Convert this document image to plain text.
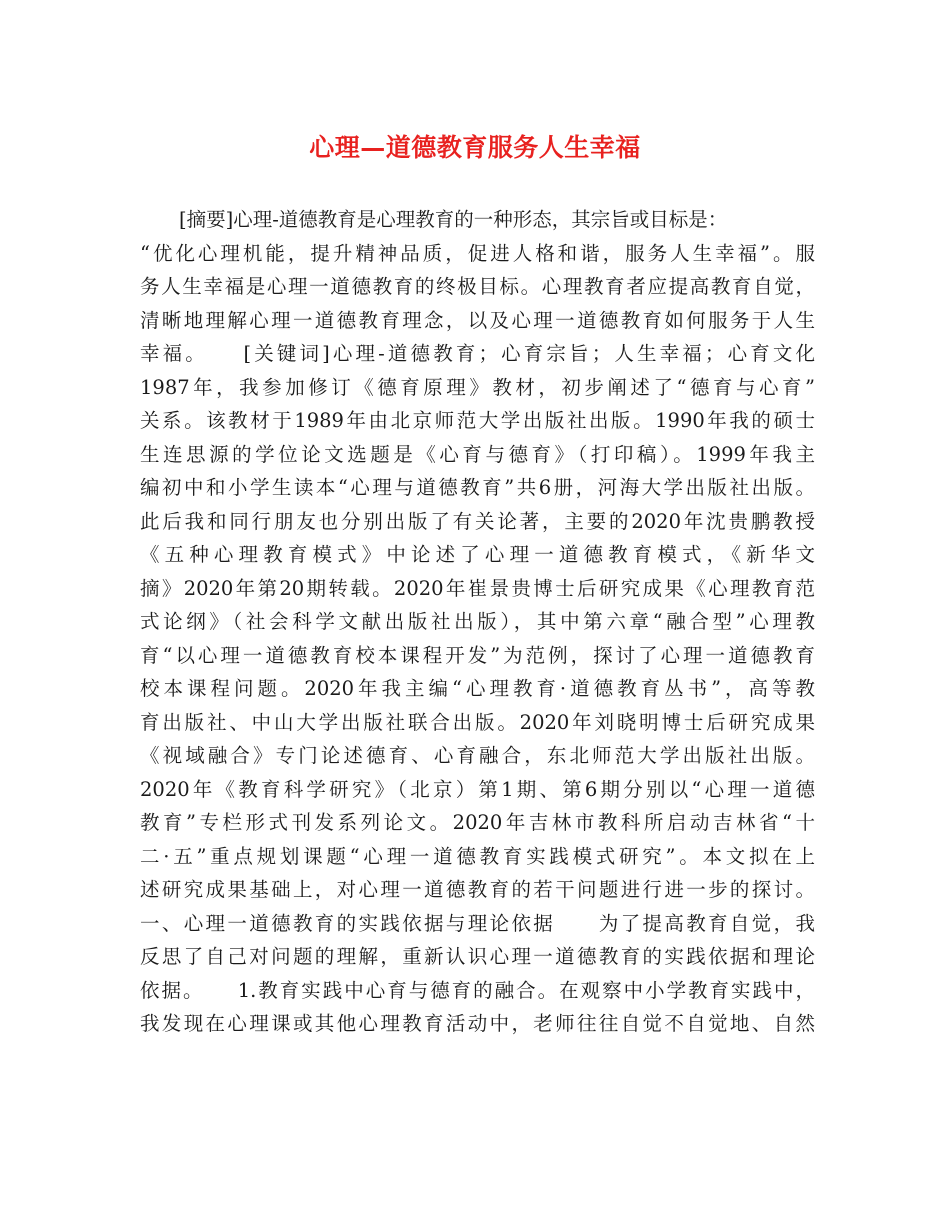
心理—道德教育服务人生幸福
[摘要]心理-道德教育是心理教育的一种形态，其宗旨或目标是：
“优化心理机能，提升精神品质，促进人格和谐，服务人生幸福”。服
务人生幸福是心理一道德教育的终极目标。心理教育者应提高教育自觉，
清晰地理解心理一道德教育理念，以及心理一道德教育如何服务于人生
幸福。　　[关键词]心理-道德教育；心育宗旨；人生幸福；心育文化
1987年，我参加修订《德育原理》教材，初步阐述了“德育与心育”
关系。该教材于1989年由北京师范大学出版社出版。1990年我的硕士
生连思源的学位论文选题是《心育与德育》（打印稿）。1999年我主
编初中和小学生读本“心理与道德教育”共6册，河海大学出版社出版。
此后我和同行朋友也分别出版了有关论著，主要的2020年沈贵鹏教授
《五种心理教育模式》中论述了心理一道德教育模式，《新华文
摘》2020年第20期转载。2020年崔景贵博士后研究成果《心理教育范
式论纲》（社会科学文献出版社出版），其中第六章“融合型”心理教
育“以心理一道德教育校本课程开发”为范例，探讨了心理一道德教育
校本课程问题。2020年我主编“心理教育·道德教育丛书”，高等教
育出版社、中山大学出版社联合出版。2020年刘晓明博士后研究成果
《视域融合》专门论述德育、心育融合，东北师范大学出版社出版。
2020年《教育科学研究》（北京）第1期、第6期分别以“心理一道德
教育”专栏形式刊发系列论文。2020年吉林市教科所启动吉林省“十
二·五”重点规划课题“心理一道德教育实践模式研究”。本文拟在上
述研究成果基础上，对心理一道德教育的若干问题进行进一步的探讨。
一、心理一道德教育的实践依据与理论依据　　为了提高教育自觉，我
反思了自己对问题的理解，重新认识心理一道德教育的实践依据和理论
依据。　　1.教育实践中心育与德育的融合。在观察中小学教育实践中，
我发现在心理课或其他心理教育活动中，老师往往自觉不自觉地、自然
